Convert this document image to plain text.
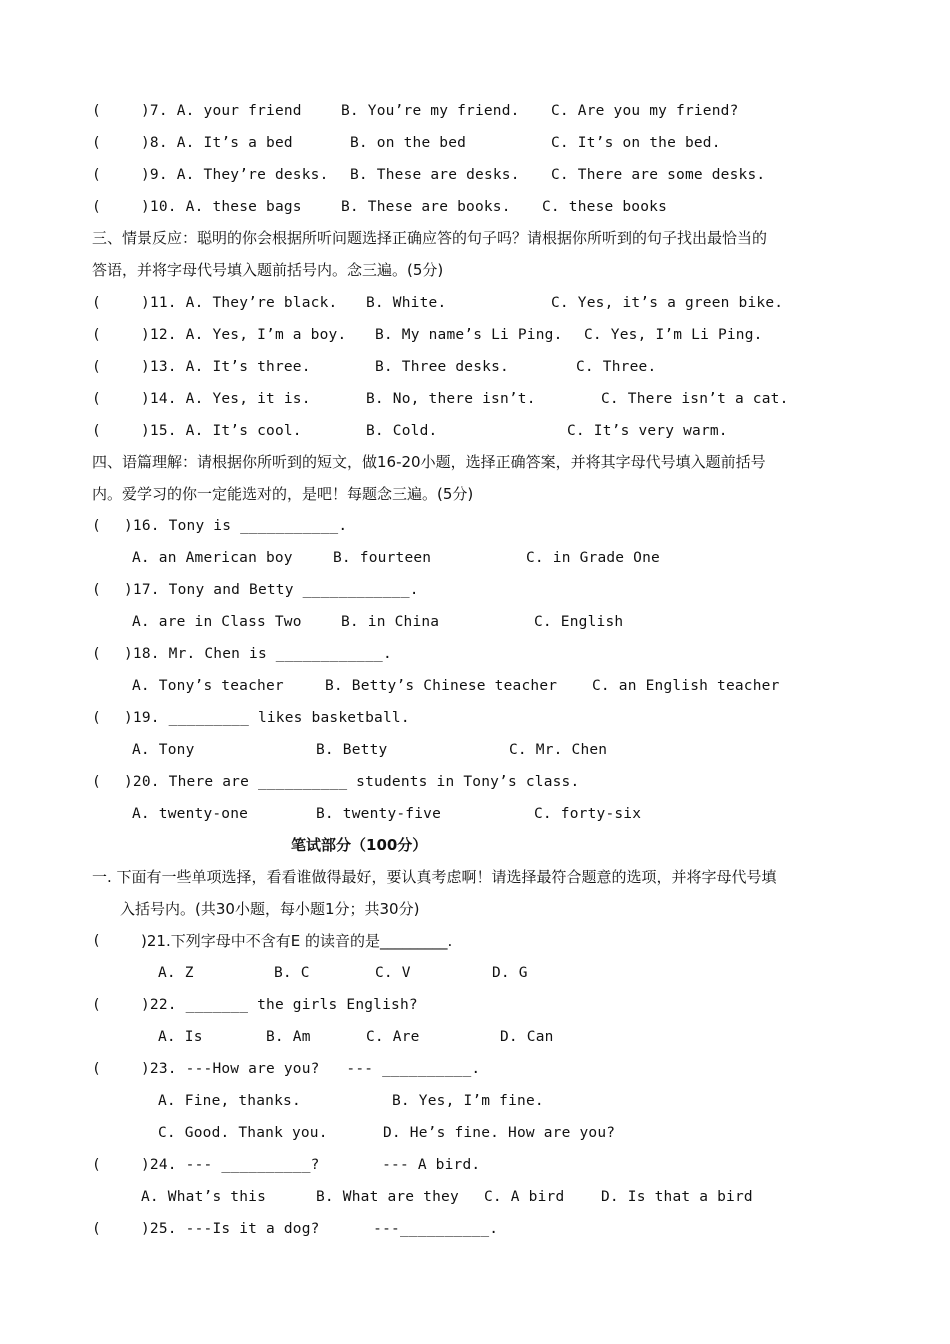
(	)7. A. your friend	B. You’re my friend. C. Are you my friend?
(	)8. A. It’s a bed	B. on the bed	C. It’s on the bed.
(	)9. A. They’re desks. B. These are desks. C. There are some desks.
(	)10. A. these bags	B. These are books. C. these books
三、情景反应：聪明的你会根据所听问题选择正确应答的句子吗？请根据你所听到的句子找出最恰当的
答语，并将字母代号填入题前括号内。念三遍。(5分)
(	)11. A. They’re black. B. White.	C. Yes, it’s a green bike.
(	)12. A. Yes, I’m a boy. B. My name’s Li Ping. C. Yes, I’m Li Ping.
(	)13. A. It’s three.	B. Three desks.	C. Three.
(	)14. A. Yes, it is.	B. No, there isn’t.	C. There isn’t a cat.
(	)15. A. It’s cool.	B. Cold.	C. It’s very warm.
四、语篇理解：请根据你所听到的短文，做16-20小题，选择正确答案，并将其字母代号填入题前括号
内。爱学习的你一定能选对的，是吧！每题念三遍。(5分)
( )16. Tony is ___________.
A. an American boy	B. fourteen	C. in Grade One
( )17. Tony and Betty ____________.
A. are in Class Two	B. in China	C. English
( )18. Mr. Chen is ____________.
A. Tony’s teacher	B. Betty’s Chinese teacher C. an English teacher
( )19. _________ likes basketball.
A. Tony	B. Betty	C. Mr. Chen
( )20. There are __________ students in Tony’s class.
A. twenty-one	B. twenty-five	C. forty-six
笔试部分（100分）
一. 下面有一些单项选择，看看谁做得最好，要认真考虑啊！请选择最符合题意的选项，并将字母代号填
入括号内。(共30小题，每小题1分；共30分)
(	)21.下列字母中不含有E 的读音的是_________.
A. Z	B. C	C. V	D. G
(	)22. _______ the girls English?
A. Is	B. Am	C. Are	D. Can
(	)23. ---How are you?   --- __________.
A. Fine, thanks.	B. Yes, I’m fine.
C. Good. Thank you.	D. He’s fine. How are you?
(	)24. --- __________?       --- A bird.
A. What’s this	B. What are they C. A bird	D. Is that a bird
(	)25. ---Is it a dog?      ---__________.
